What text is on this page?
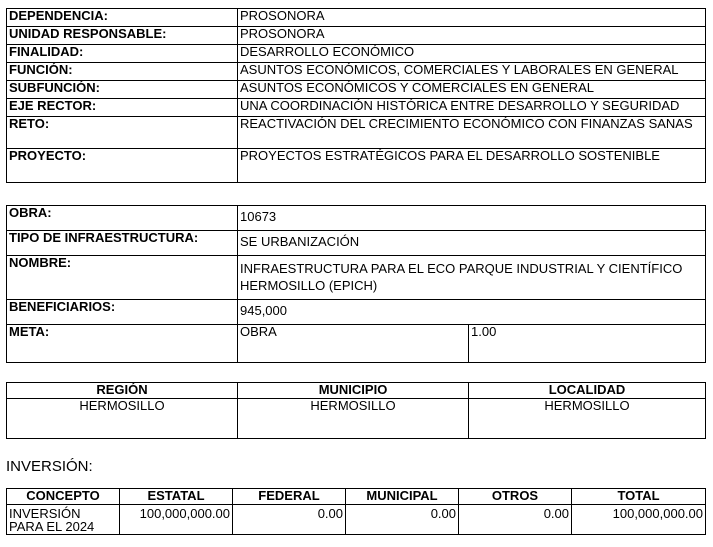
DEPENDENCIA:	PROSONORA
UNIDAD RESPONSABLE:	PROSONORA
FINALIDAD:	DESARROLLO ECONÓMICO
FUNCIÓN:	ASUNTOS ECONÓMICOS, COMERCIALES Y LABORALES EN GENERAL
SUBFUNCIÓN:	ASUNTOS ECONÓMICOS Y COMERCIALES EN GENERAL
EJE RECTOR:	UNA COORDINACIÓN HISTÓRICA ENTRE DESARROLLO Y SEGURIDAD
RETO:	REACTIVACIÓN DEL CRECIMIENTO ECONÓMICO CON FINANZAS SANAS
PROYECTO:	PROYECTOS ESTRATÉGICOS PARA EL DESARROLLO SOSTENIBLE
OBRA:	10673	
TIPO DE INFRAESTRUCTURA:	SE URBANIZACIÓN	
NOMBRE:	INFRAESTRUCTURA PARA EL ECO PARQUE INDUSTRIAL Y CIENTÍFICO HERMOSILLO (EPICH)	
BENEFICIARIOS:	945,000	
META:	OBRA	1.00
REGIÓN	MUNICIPIO	LOCALIDAD
HERMOSILLO	HERMOSILLO	HERMOSILLO
INVERSIÓN:
CONCEPTO	ESTATAL	FEDERAL	MUNICIPAL	OTROS	TOTAL
INVERSIÓN PARA EL 2024	100,000,000.00	0.00	0.00	0.00	100,000,000.00
